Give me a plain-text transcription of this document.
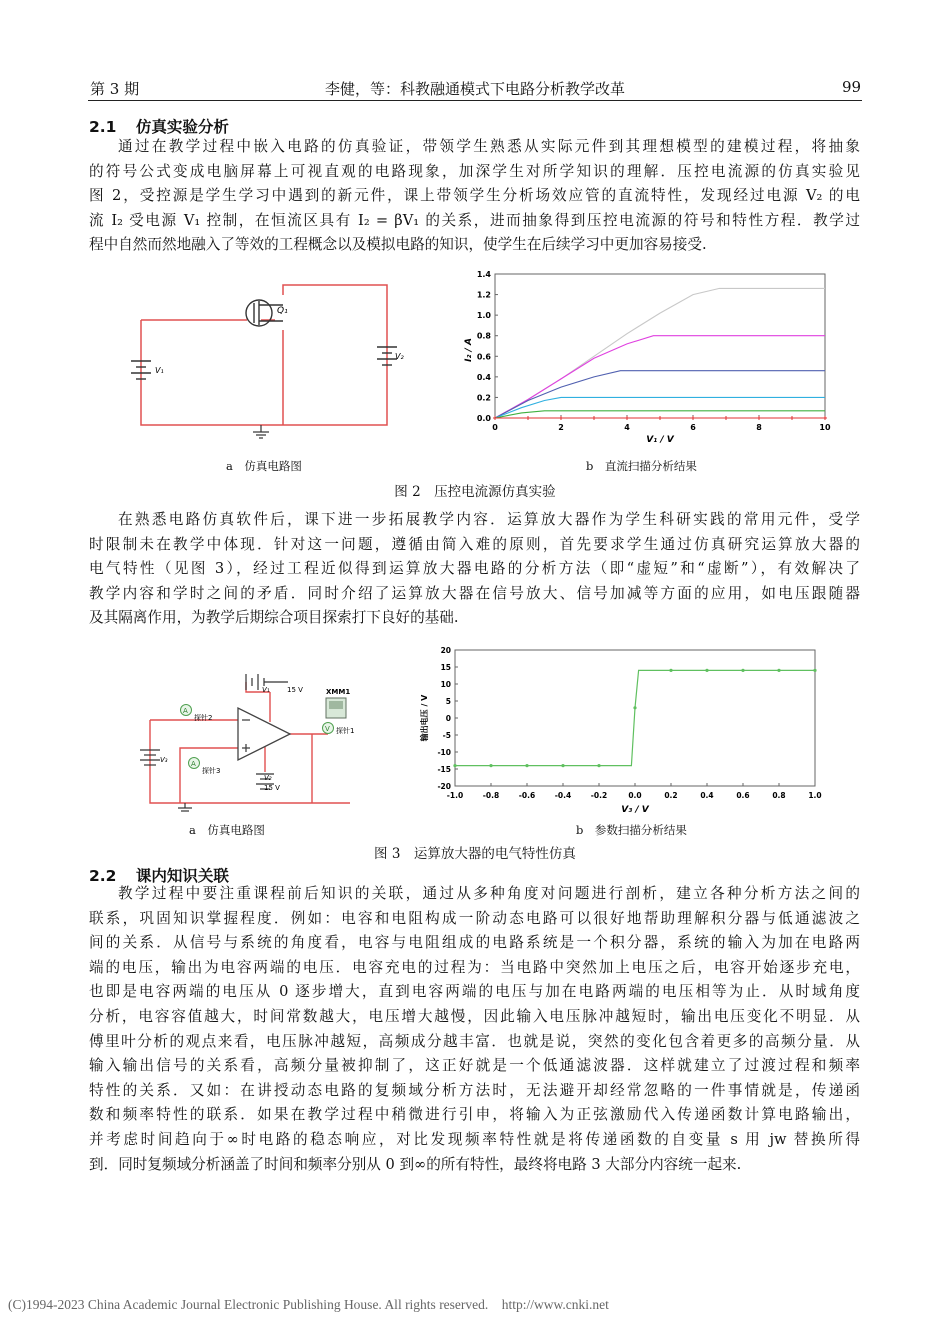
第 3 期	李健，等：科教融通模式下电路分析教学改革	99
2.1 仿真实验分析
通过在教学过程中嵌入电路的仿真验证，带领学生熟悉从实际元件到其理想模型的建模过程，将抽象
的符号公式变成电脑屏幕上可视直观的电路现象，加深学生对所学知识的理解．压控电流源的仿真实验见
图 2，受控源是学生学习中遇到的新元件，课上带领学生分析场效应管的直流特性，发现经过电源 V₂ 的电
流 I₂ 受电源 V₁ 控制，在恒流区具有 I₂ = βV₁ 的关系，进而抽象得到压控电流源的符号和特性方程．教学过
程中自然而然地融入了等效的工程概念以及模拟电路的知识，使学生在后续学习中更加容易接受.
Q₁
V₁
V₂
a　仿真电路图
V₁ / V
I₂ / A
0	2	4	6	8	10
0.0
0.2
0.4
0.6
0.8
1.0
1.2
1.4
b　直流扫描分析结果
图 2　压控电流源仿真实验
在熟悉电路仿真软件后，课下进一步拓展教学内容．运算放大器作为学生科研实践的常用元件，受学
时限制未在教学中体现．针对这一问题，遵循由简入难的原则，首先要求学生通过仿真研究运算放大器的
电气特性（见图 3），经过工程近似得到运算放大器电路的分析方法（即“虚短”和“虚断”），有效解决了
教学内容和学时之间的矛盾．同时介绍了运算放大器在信号放大、信号加减等方面的应用，如电压跟随器
及其隔离作用，为教学后期综合项目探索打下良好的基础.
V₁ 15 V
V₂
15 V
V₃
A
探针2
A
探针3
V 探针1
XMM1
a　仿真电路图
V₃ / V
输出电压 / V
-1.0	-0.8	-0.6	-0.4	-0.2	0.0	0.2	0.4	0.6	0.8	1.0
20
15
10
5
0
-5
-10
-15
-20
b　参数扫描分析结果
图 3　运算放大器的电气特性仿真
2.2 课内知识关联
教学过程中要注重课程前后知识的关联，通过从多种角度对问题进行剖析，建立各种分析方法之间的
联系，巩固知识掌握程度．例如：电容和电阻构成一阶动态电路可以很好地帮助理解积分器与低通滤波之
间的关系．从信号与系统的角度看，电容与电阻组成的电路系统是一个积分器，系统的输入为加在电路两
端的电压，输出为电容两端的电压．电容充电的过程为：当电路中突然加上电压之后，电容开始逐步充电，
也即是电容两端的电压从 0 逐步增大，直到电容两端的电压与加在电路两端的电压相等为止．从时域角度
分析，电容容值越大，时间常数越大，电压增大越慢，因此输入电压脉冲越短时，输出电压变化不明显．从
傅里叶分析的观点来看，电压脉冲越短，高频成分越丰富．也就是说，突然的变化包含着更多的高频分量．从
输入输出信号的关系看，高频分量被抑制了，这正好就是一个低通滤波器．这样就建立了过渡过程和频率
特性的关系．又如：在讲授动态电路的复频域分析方法时，无法避开却经常忽略的一件事情就是，传递函
数和频率特性的联系．如果在教学过程中稍微进行引申，将输入为正弦激励代入传递函数计算电路输出，
并考虑时间趋向于∞时电路的稳态响应，对比发现频率特性就是将传递函数的自变量 s 用 jw 替换所得
到．同时复频域分析涵盖了时间和频率分别从 0 到∞的所有特性，最终将电路 3 大部分内容统一起来.
(C)1994-2023 China Academic Journal Electronic Publishing House. All rights reserved.    http://www.cnki.net
